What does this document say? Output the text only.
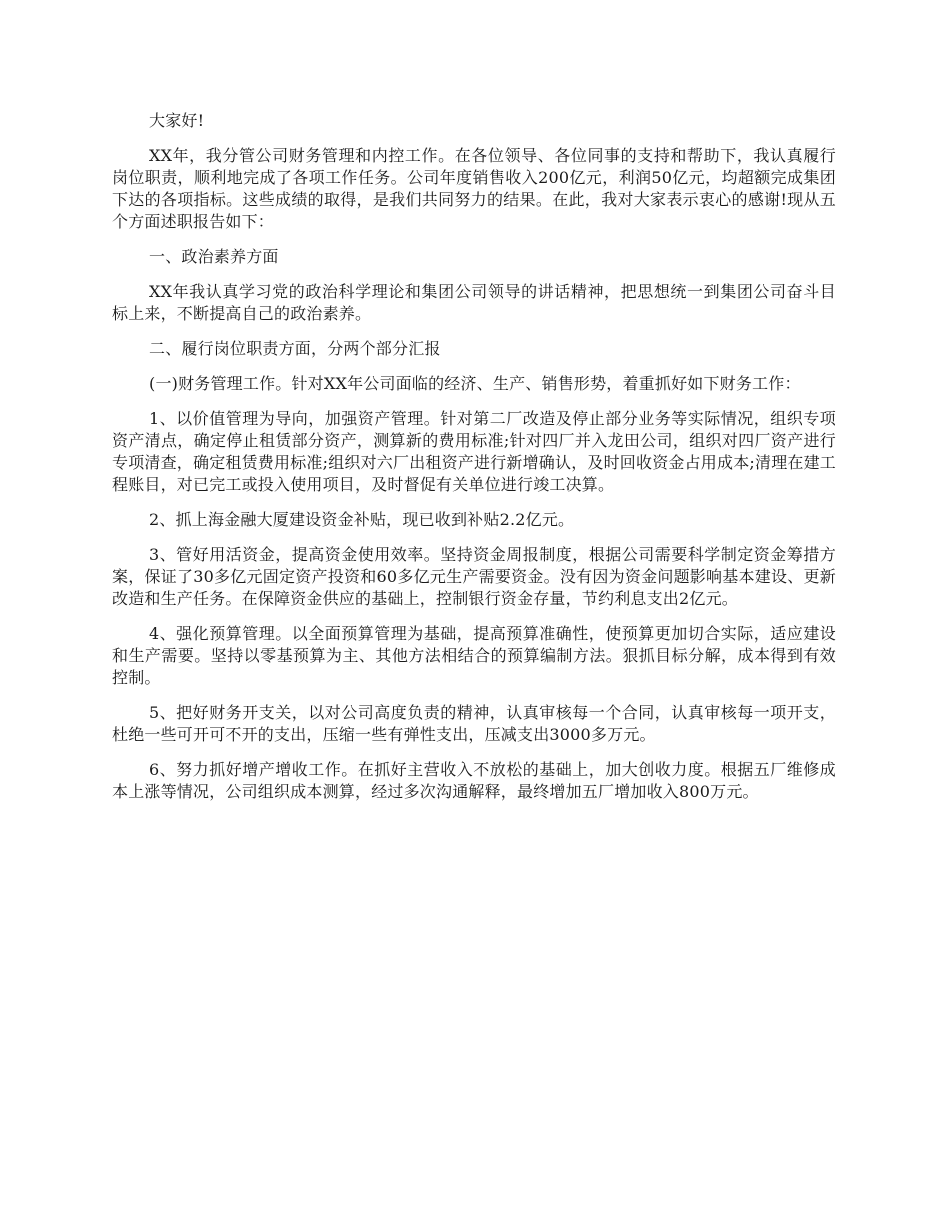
大家好!

XX年，我分管公司财务管理和内控工作。在各位领导、各位同事的支持和帮助下，我认真履行岗位职责，顺利地完成了各项工作任务。公司年度销售收入200亿元，利润50亿元，均超额完成集团下达的各项指标。这些成绩的取得，是我们共同努力的结果。在此，我对大家表示衷心的感谢!现从五个方面述职报告如下：

一、政治素养方面

XX年我认真学习党的政治科学理论和集团公司领导的讲话精神，把思想统一到集团公司奋斗目标上来，不断提高自己的政治素养。

二、履行岗位职责方面，分两个部分汇报

(一)财务管理工作。针对XX年公司面临的经济、生产、销售形势，着重抓好如下财务工作：

1、以价值管理为导向，加强资产管理。针对第二厂改造及停止部分业务等实际情况，组织专项资产清点，确定停止租赁部分资产，测算新的费用标准;针对四厂并入龙田公司，组织对四厂资产进行专项清查，确定租赁费用标准;组织对六厂出租资产进行新增确认，及时回收资金占用成本;清理在建工程账目，对已完工或投入使用项目，及时督促有关单位进行竣工决算。

2、抓上海金融大厦建设资金补贴，现已收到补贴2.2亿元。

3、管好用活资金，提高资金使用效率。坚持资金周报制度，根据公司需要科学制定资金筹措方案，保证了30多亿元固定资产投资和60多亿元生产需要资金。没有因为资金问题影响基本建设、更新改造和生产任务。在保障资金供应的基础上，控制银行资金存量，节约利息支出2亿元。

4、强化预算管理。以全面预算管理为基础，提高预算准确性，使预算更加切合实际，适应建设和生产需要。坚持以零基预算为主、其他方法相结合的预算编制方法。狠抓目标分解，成本得到有效控制。

5、把好财务开支关，以对公司高度负责的精神，认真审核每一个合同，认真审核每一项开支，杜绝一些可开可不开的支出，压缩一些有弹性支出，压减支出3000多万元。

6、努力抓好增产增收工作。在抓好主营收入不放松的基础上，加大创收力度。根据五厂维修成本上涨等情况，公司组织成本测算，经过多次沟通解释，最终增加五厂增加收入800万元。
